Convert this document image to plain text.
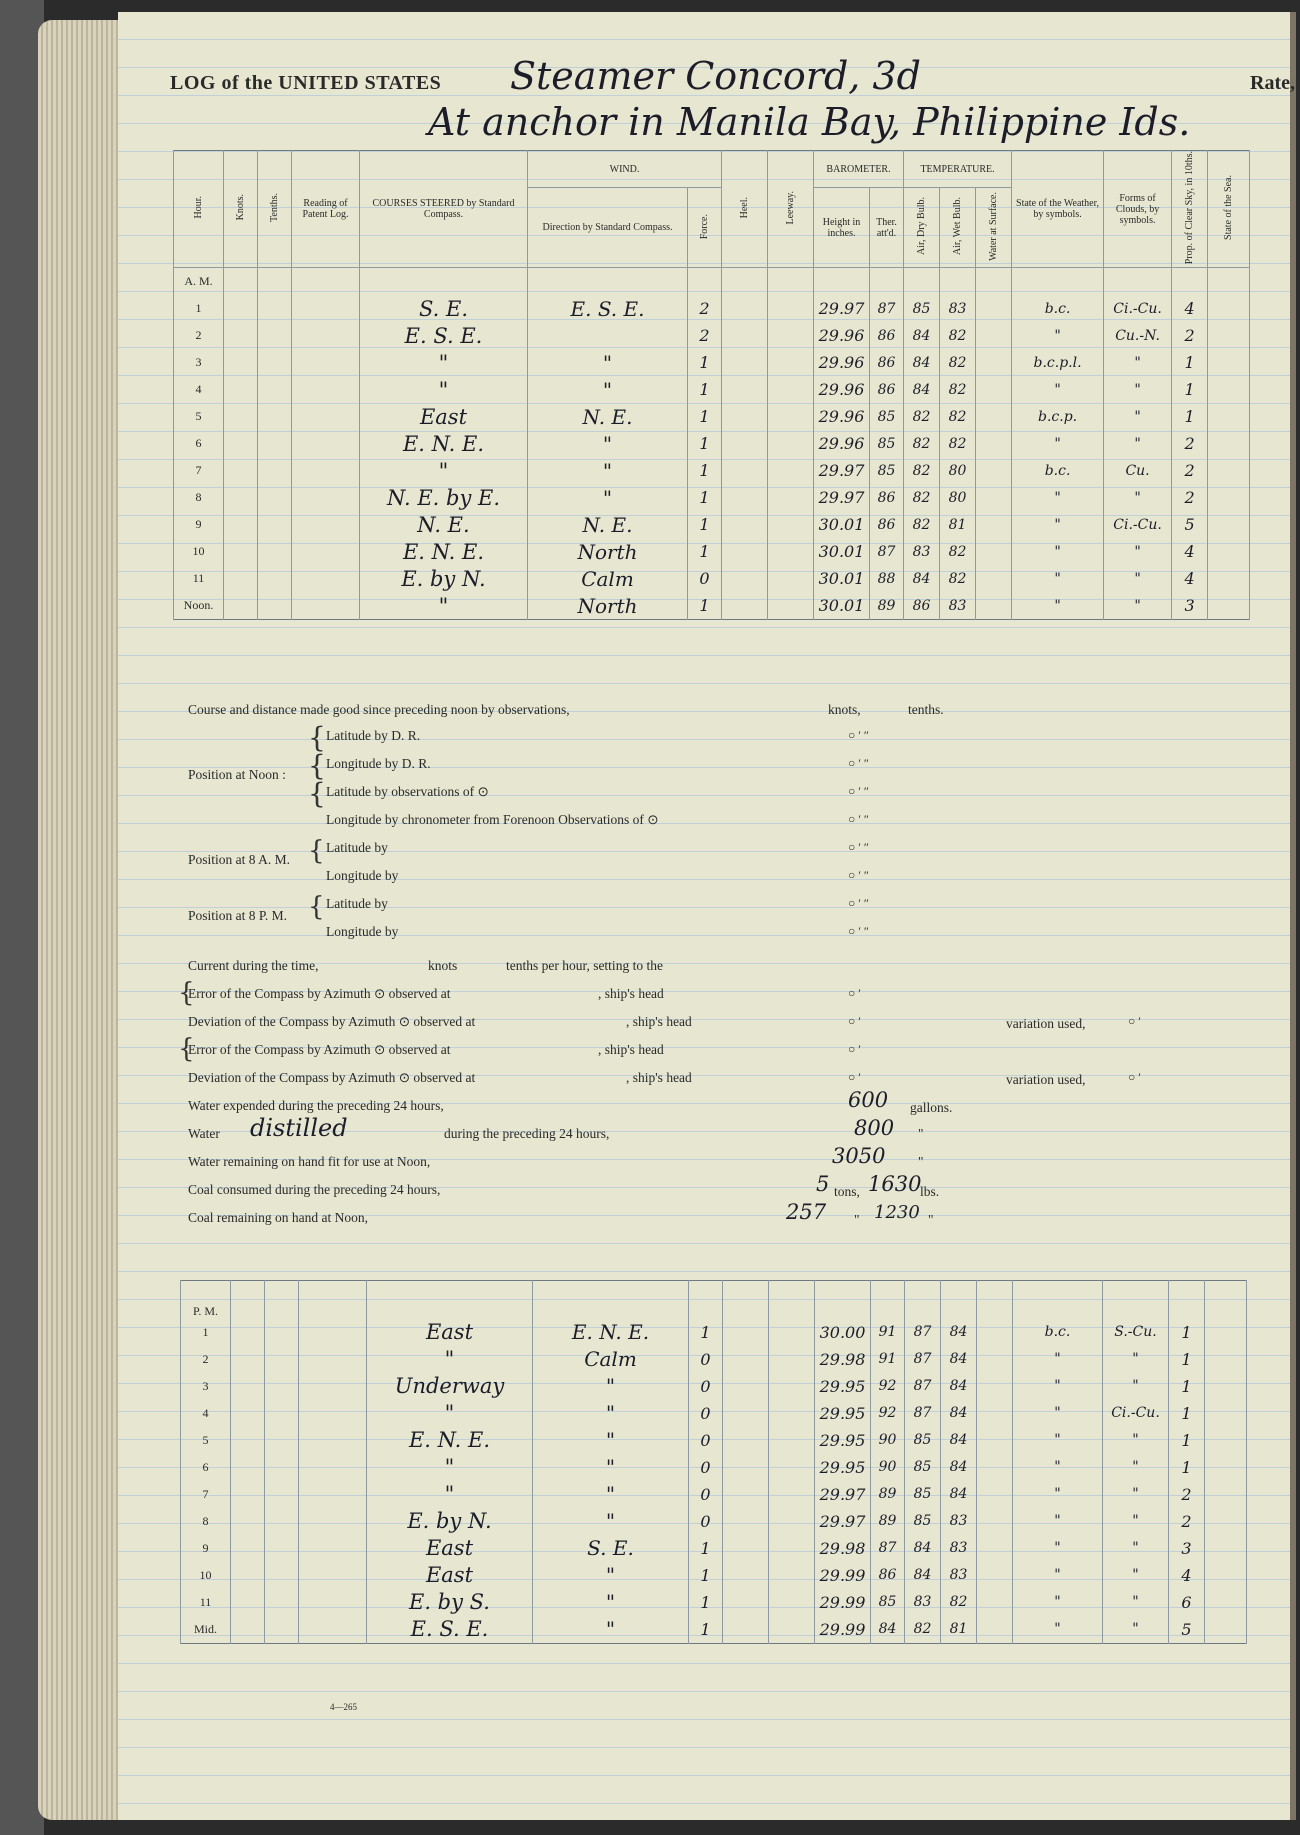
LOG of the UNITED STATES Steamer Concord, 3d	Rate,
At anchor in Manila Bay, Philippine Ids.
Hour.	Knots.	Tenths.	Reading of Patent Log.	COURSES STEERED by Standard Compass.	WIND.		Heel.	Leeway.	BAROMETER.		TEMPERATURE.			State of the Weather, by symbols.	Forms of Clouds, by symbols.	Prop. of Clear Sky, in 10ths.	State of the Sea.
					Direction by Standard Compass.	Force.			Height in inches.	Ther. att'd.	Air, Dry Bulb.	Air, Wet Bulb.	Water at Surface.				
A. M.																	
1				S. E.	E. S. E.	2			29.97	87	85	83		b.c.	Ci.-Cu.	4	
2				E. S. E.		2			29.96	86	84	82		"	Cu.-N.	2	
3				"	"	1			29.96	86	84	82		b.c.p.l.	"	1	
4				"	"	1			29.96	86	84	82		"	"	1	
5				East	N. E.	1			29.96	85	82	82		b.c.p.	"	1	
6				E. N. E.	"	1			29.96	85	82	82		"	"	2	
7				"	"	1			29.97	85	82	80		b.c.	Cu.	2	
8				N. E. by E.	"	1			29.97	86	82	80		"	"	2	
9				N. E.	N. E.	1			30.01	86	82	81		"	Ci.-Cu.	5	
10				E. N. E.	North	1			30.01	87	83	82		"	"	4	
11				E. by N.	Calm	0			30.01	88	84	82		"	"	4	
Noon.				"	North	1			30.01	89	86	83		"	"	3	
Course and distance made good since preceding noon by observations,	knots,	tenths.
Position at Noon :
{
{
{
Latitude by D. R.	○ ′ ″
Longitude by D. R.	○ ′ ″
Latitude by observations of ⊙	○ ′ ″
Longitude by chronometer from Forenoon Observations of ⊙	○ ′ ″
Position at 8 A. M. { Latitude by	○ ′ ″
Longitude by	○ ′ ″
Position at 8 P. M. { Latitude by	○ ′ ″
Longitude by	○ ′ ″
Current during the time,	knots	tenths per hour, setting to the
{
Error of the Compass by Azimuth ⊙ observed at	, ship's head	○ ′
Deviation of the Compass by Azimuth ⊙ observed at	, ship's head	○ ′	variation used,	○ ′
{
Error of the Compass by Azimuth ⊙ observed at	, ship's head	○ ′
Deviation of the Compass by Azimuth ⊙ observed at	, ship's head	○ ′	variation used,	○ ′
Water expended during the preceding 24 hours,	600 gallons.
Water distilled	during the preceding 24 hours,	800 "
Water remaining on hand fit for use at Noon,	3050 "
Coal consumed during the preceding 24 hours,	5 tons, 1630
lbs.
Coal remaining on hand at Noon,	257 " 1230 "
P. M.																	
1				East	E. N. E.	1			30.00	91	87	84		b.c.	S.-Cu.	1	
2				"	Calm	0			29.98	91	87	84		"	"	1	
3				Underway	"	0			29.95	92	87	84		"	"	1	
4				"	"	0			29.95	92	87	84		"	Ci.-Cu.	1	
5				E. N. E.	"	0			29.95	90	85	84		"	"	1	
6				"	"	0			29.95	90	85	84		"	"	1	
7				"	"	0			29.97	89	85	84		"	"	2	
8				E. by N.	"	0			29.97	89	85	83		"	"	2	
9				East	S. E.	1			29.98	87	84	83		"	"	3	
10				East	"	1			29.99	86	84	83		"	"	4	
11				E. by S.	"	1			29.99	85	83	82		"	"	6	
Mid.				E. S. E.	"	1			29.99	84	82	81		"	"	5	
4—265
